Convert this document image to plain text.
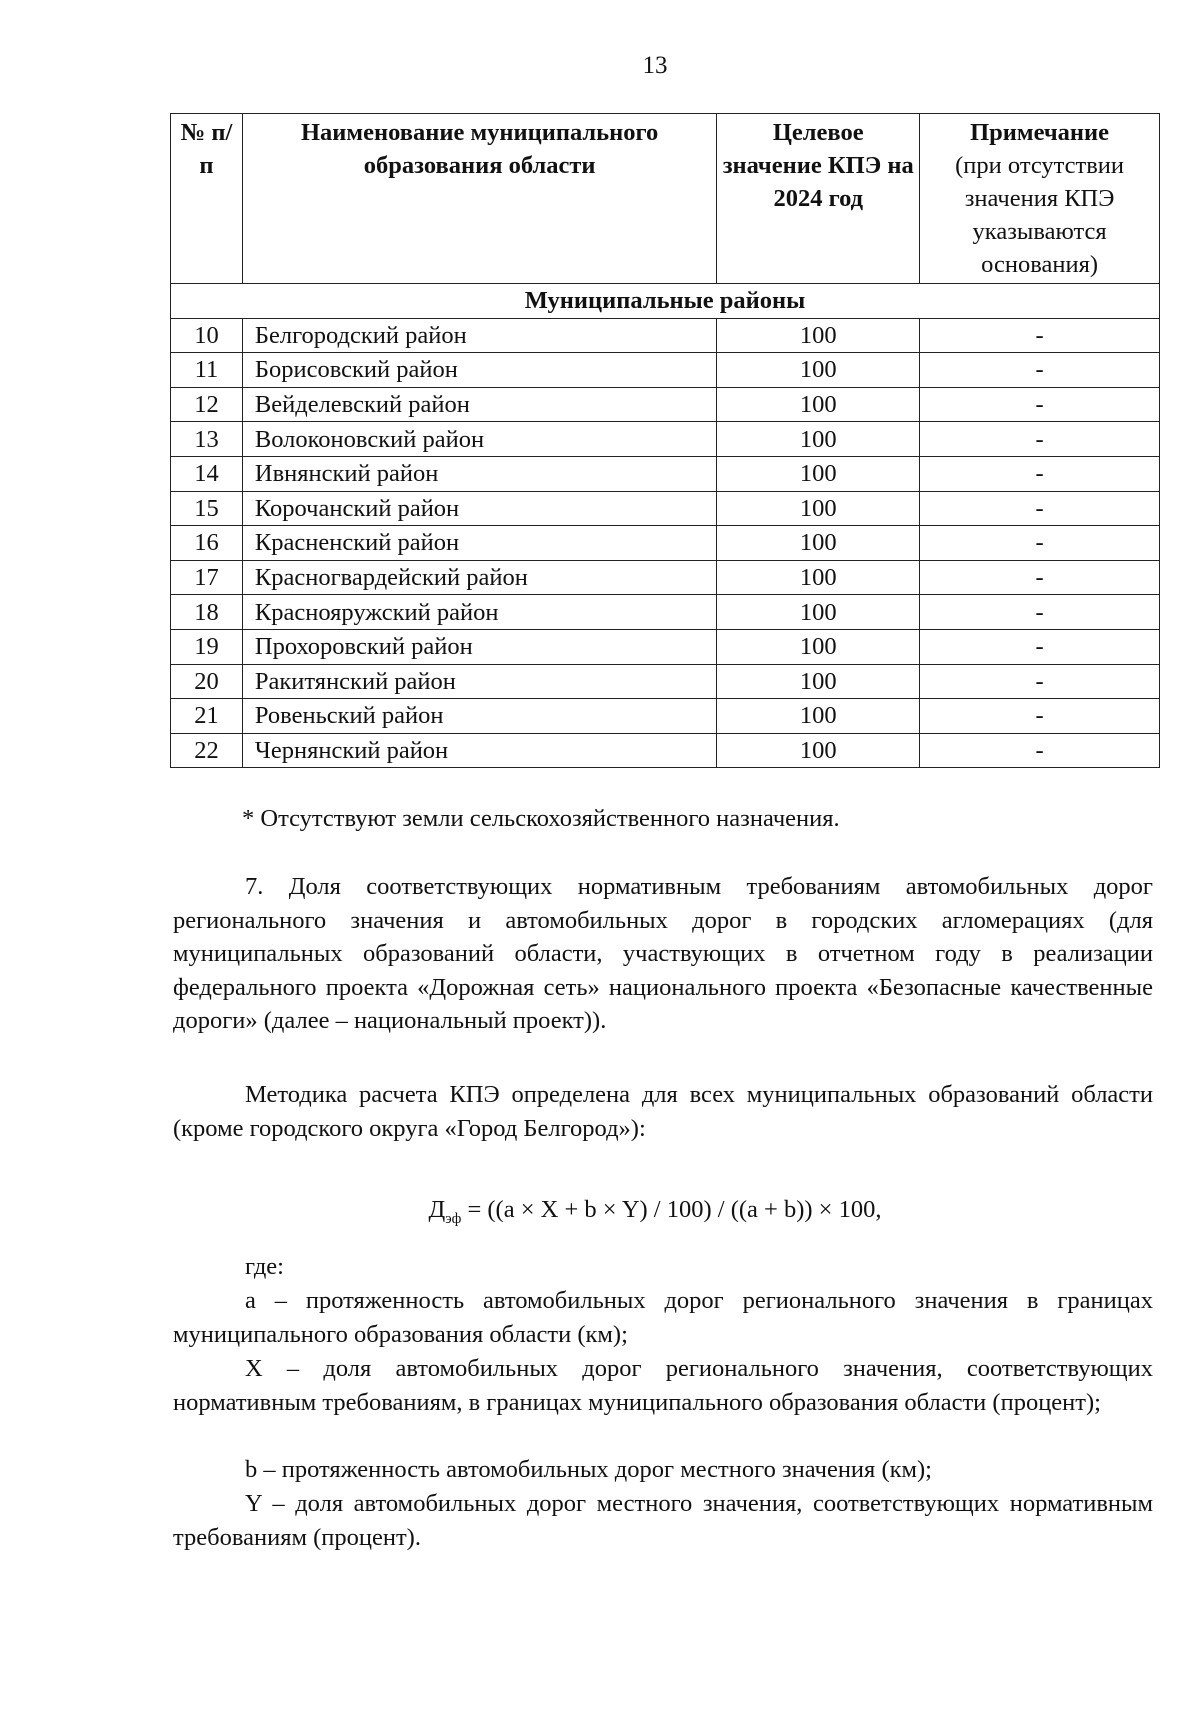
13
№ п/п	Наименование муниципального образования области	Целевое значение КПЭ на 2024 год	Примечание
(при отсутствии значения КПЭ указываются основания)
Муниципальные районы			
10	Белгородский район	100	-
11	Борисовский район	100	-
12	Вейделевский район	100	-
13	Волоконовский район	100	-
14	Ивнянский район	100	-
15	Корочанский район	100	-
16	Красненский район	100	-
17	Красногвардейский район	100	-
18	Краснояружский район	100	-
19	Прохоровский район	100	-
20	Ракитянский район	100	-
21	Ровеньский район	100	-
22	Чернянский район	100	-
* Отсутствуют земли сельскохозяйственного назначения.
7. Доля соответствующих нормативным требованиям автомобильных дорог регионального значения и автомобильных дорог в городских агломерациях (для муниципальных образований области, участвующих в отчетном году в реализации федерального проекта «Дорожная сеть» национального проекта «Безопасные качественные дороги» (далее – национальный проект)).
Методика расчета КПЭ определена для всех муниципальных образований области (кроме городского округа «Город Белгород»):
$Д_{эф} = ((a \times X + b \times Y) / 100) / ((a + b)) \times 100$,
где:
а – протяженность автомобильных дорог регионального значения в границах муниципального образования области (км);
X – доля автомобильных дорог регионального значения, соответствующих нормативным требованиям, в границах муниципального образования области (процент);
b – протяженность автомобильных дорог местного значения (км);
Y – доля автомобильных дорог местного значения, соответствующих нормативным требованиям (процент).
